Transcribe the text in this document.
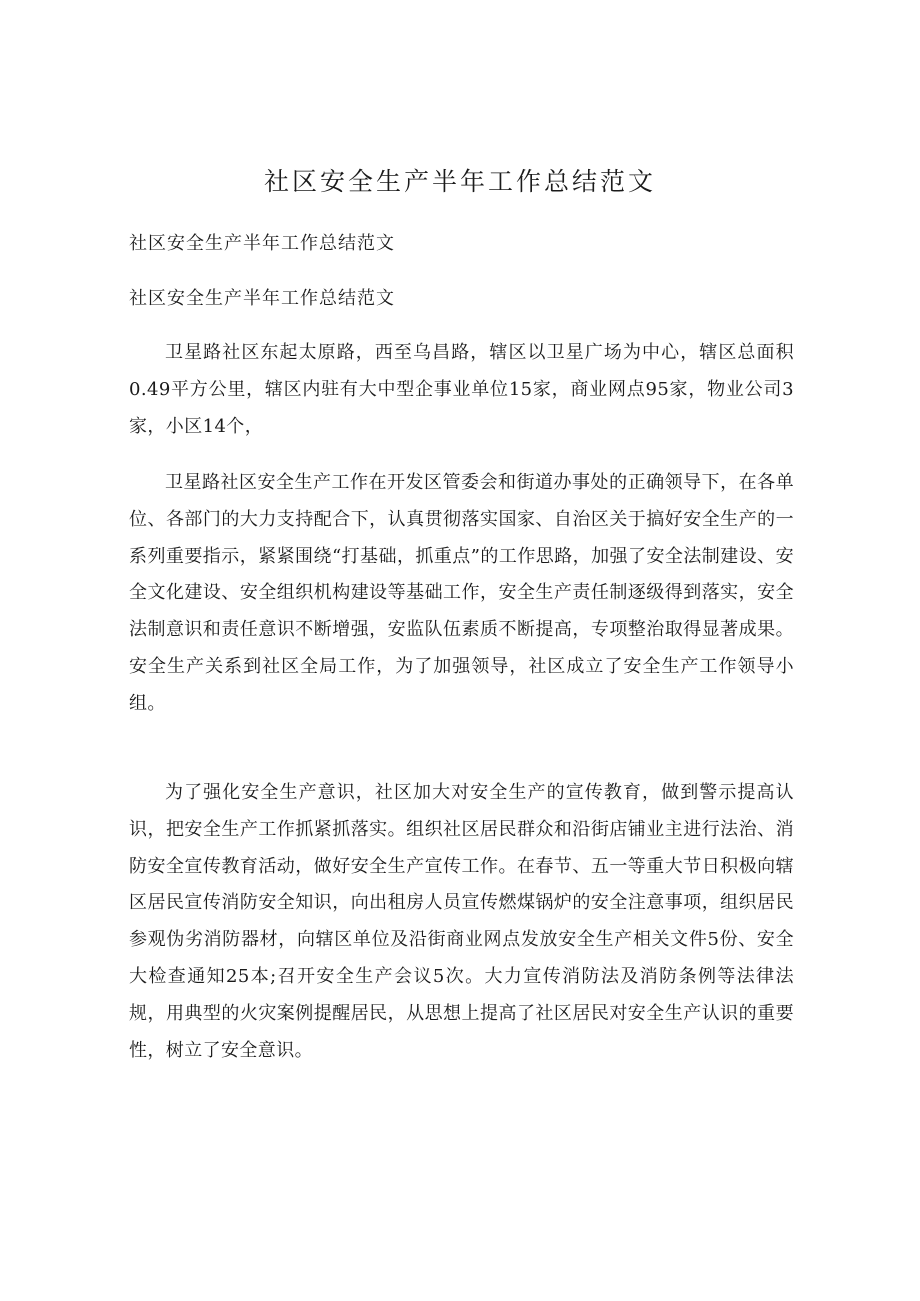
社区安全生产半年工作总结范文
社区安全生产半年工作总结范文
社区安全生产半年工作总结范文

卫星路社区东起太原路，西至乌昌路，辖区以卫星广场为中心，辖区总面积0.49平方公里，辖区内驻有大中型企事业单位15家，商业网点95家，物业公司3家，小区14个，

卫星路社区安全生产工作在开发区管委会和街道办事处的正确领导下，在各单位、各部门的大力支持配合下，认真贯彻落实国家、自治区关于搞好安全生产的一系列重要指示，紧紧围绕“打基础，抓重点”的工作思路，加强了安全法制建设、安全文化建设、安全组织机构建设等基础工作，安全生产责任制逐级得到落实，安全法制意识和责任意识不断增强，安监队伍素质不断提高，专项整治取得显著成果。安全生产关系到社区全局工作，为了加强领导，社区成立了安全生产工作领导小组。

为了强化安全生产意识，社区加大对安全生产的宣传教育，做到警示提高认识，把安全生产工作抓紧抓落实。组织社区居民群众和沿街店铺业主进行法治、消防安全宣传教育活动，做好安全生产宣传工作。在春节、五一等重大节日积极向辖区居民宣传消防安全知识，向出租房人员宣传燃煤锅炉的安全注意事项，组织居民参观伪劣消防器材，向辖区单位及沿街商业网点发放安全生产相关文件5份、安全大检查通知25本;召开安全生产会议5次。大力宣传消防法及消防条例等法律法规，用典型的火灾案例提醒居民，从思想上提高了社区居民对安全生产认识的重要性，树立了安全意识。
